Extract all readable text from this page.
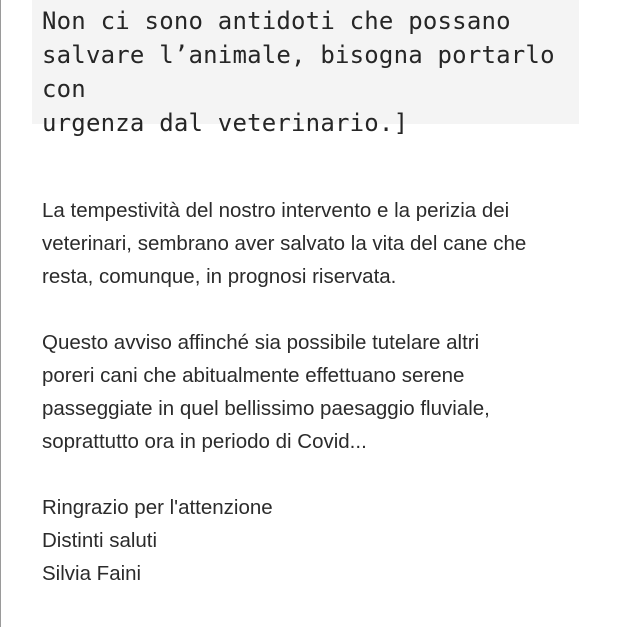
Non ci sono antidoti che possano
salvare l’animale, bisogna portarlo con
urgenza dal veterinario.]

La tempestività del nostro intervento e la perizia dei
veterinari, sembrano aver salvato la vita del cane che
resta, comunque, in prognosi riservata.

Questo avviso affinché sia possibile tutelare altri
poreri cani che abitualmente effettuano serene
passeggiate in quel bellissimo paesaggio fluviale,
soprattutto ora in periodo di Covid...

Ringrazio per l'attenzione
Distinti saluti
Silvia Faini
